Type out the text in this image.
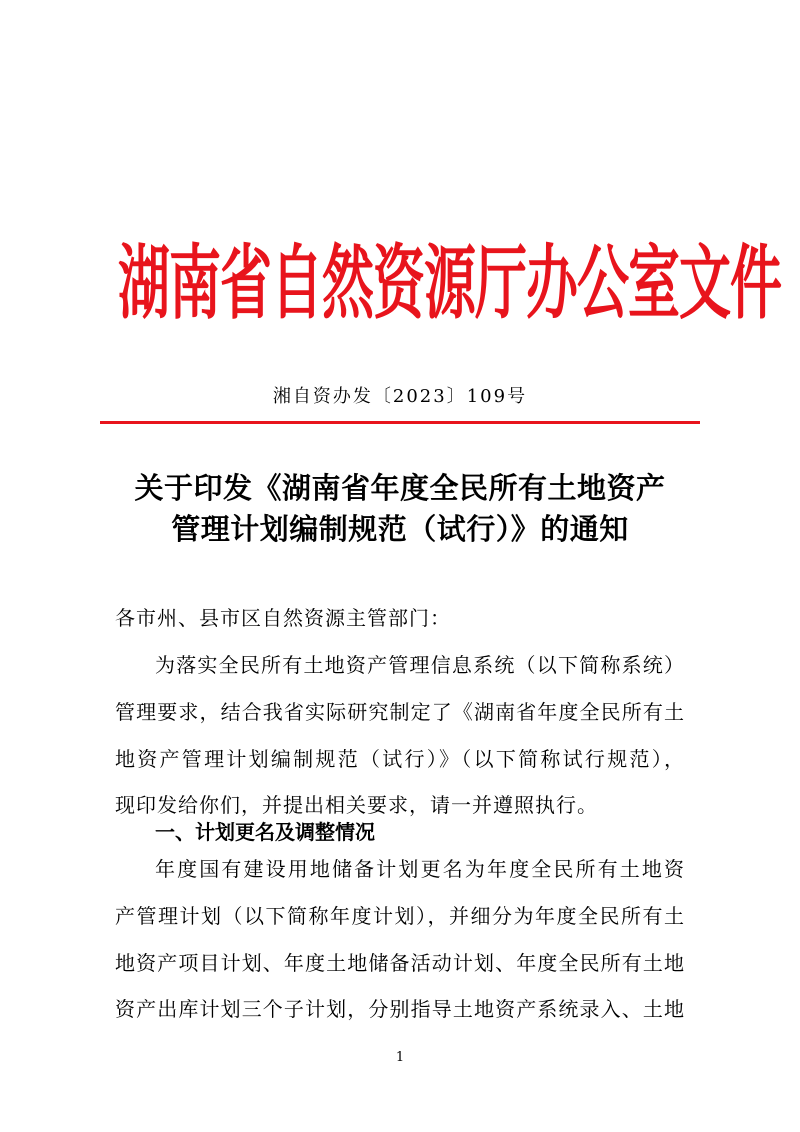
湖南省自然资源厅办公室文件
湘自资办发〔2023〕109号
关于印发《湖南省年度全民所有土地资产
管理计划编制规范（试行）》的通知
各市州、县市区自然资源主管部门：
为落实全民所有土地资产管理信息系统（以下简称系统）
管理要求，结合我省实际研究制定了《湖南省年度全民所有土
地资产管理计划编制规范（试行）》（以下简称试行规范），
现印发给你们，并提出相关要求，请一并遵照执行。
一、计划更名及调整情况
年度国有建设用地储备计划更名为年度全民所有土地资
产管理计划（以下简称年度计划），并细分为年度全民所有土
地资产项目计划、年度土地储备活动计划、年度全民所有土地
资产出库计划三个子计划，分别指导土地资产系统录入、土地
1
